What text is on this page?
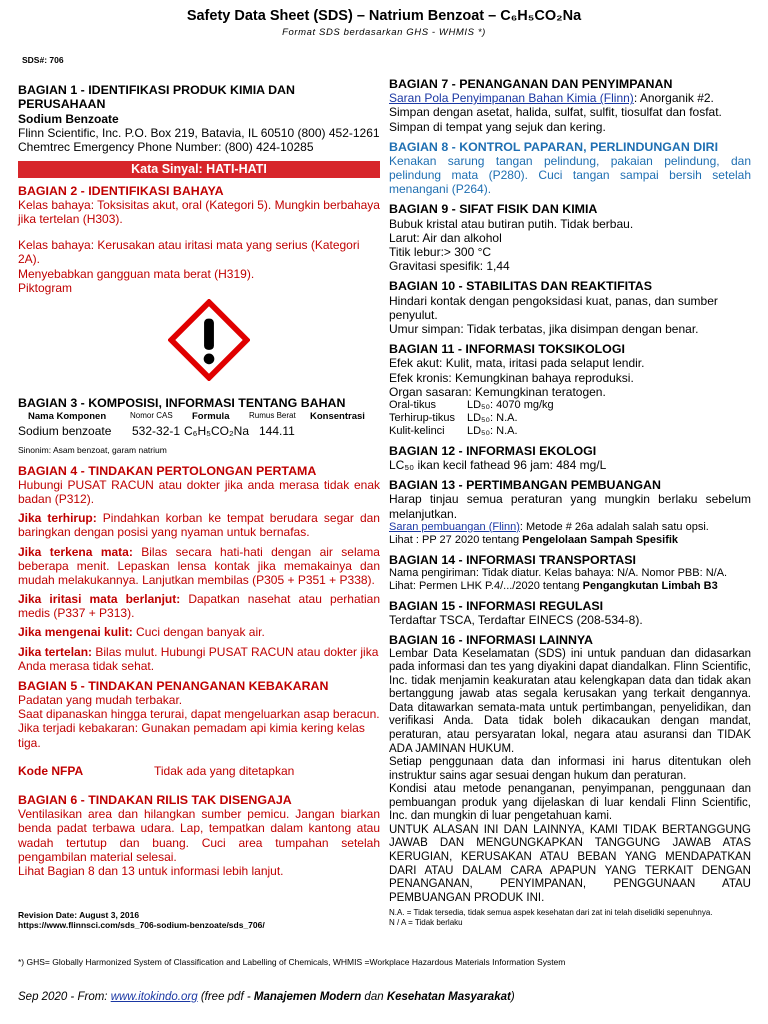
Safety Data Sheet (SDS) – Natrium Benzoat – C₆H₅CO₂Na
Format SDS berdasarkan GHS - WHMIS *)
SDS#: 706
BAGIAN 1 - IDENTIFIKASI PRODUK KIMIA DAN PERUSAHAAN

Sodium Benzoate

Flinn Scientific, Inc. P.O. Box 219, Batavia, IL 60510 (800) 452-1261

Chemtrec Emergency Phone Number: (800) 424-10285

Kata Sinyal: HATI-HATI
BAGIAN 2 - IDENTIFIKASI BAHAYA

Kelas bahaya: Toksisitas akut, oral (Kategori 5). Mungkin berbahaya jika tertelan (H303).

Kelas bahaya: Kerusakan atau iritasi mata yang serius (Kategori 2A).

Menyebabkan gangguan mata berat (H319).

Piktogram

BAGIAN 3 - KOMPOSISI, INFORMASI TENTANG BAHAN
Nama Komponen	Nomor CAS	Formula	Rumus Berat	Konsentrasi
Sodium benzoate	532-32-1 C₆H₅CO₂Na 144.11

Sinonim: Asam benzoat, garam natrium

BAGIAN 4 - TINDAKAN PERTOLONGAN PERTAMA

Hubungi PUSAT RACUN atau dokter jika anda merasa tidak enak badan (P312).

Jika terhirup: Pindahkan korban ke tempat berudara segar dan baringkan dengan posisi yang nyaman untuk bernafas.

Jika terkena mata: Bilas secara hati-hati dengan air selama beberapa menit. Lepaskan lensa kontak jika memakainya dan mudah melakukannya. Lanjutkan membilas (P305 + P351 + P338).

Jika iritasi mata berlanjut: Dapatkan nasehat atau perhatian medis (P337 + P313).

Jika mengenai kulit: Cuci dengan banyak air.

Jika tertelan: Bilas mulut. Hubungi PUSAT RACUN atau dokter jika Anda merasa tidak sehat.

BAGIAN 5 - TINDAKAN PENANGANAN KEBAKARAN

Padatan yang mudah terbakar.

Saat dipanaskan hingga terurai, dapat mengeluarkan asap beracun.

Jika terjadi kebakaran: Gunakan pemadam api kimia kering kelas tiga.

Kode NFPA	Tidak ada yang ditetapkan
BAGIAN 6 - TINDAKAN RILIS TAK DISENGAJA

Ventilasikan area dan hilangkan sumber pemicu. Jangan biarkan benda padat terbawa udara. Lap, tempatkan dalam kantong atau wadah tertutup dan buang. Cuci area tumpahan setelah pengambilan material selesai.

Lihat Bagian 8 dan 13 untuk informasi lebih lanjut.

BAGIAN 7 - PENANGANAN DAN PENYIMPANAN

Saran Pola Penyimpanan Bahan Kimia (Flinn): Anorganik #2.

Simpan dengan asetat, halida, sulfat, sulfit, tiosulfat dan fosfat.

Simpan di tempat yang sejuk dan kering.

BAGIAN 8 - KONTROL PAPARAN, PERLINDUNGAN DIRI

Kenakan sarung tangan pelindung, pakaian pelindung, dan pelindung mata (P280). Cuci tangan sampai bersih setelah menangani (P264).

BAGIAN 9 - SIFAT FISIK DAN KIMIA

Bubuk kristal atau butiran putih. Tidak berbau.

Larut: Air dan alkohol

Titik lebur:> 300 °C

Gravitasi spesifik: 1,44

BAGIAN 10 - STABILITAS DAN REAKTIFITAS

Hindari kontak dengan pengoksidasi kuat, panas, dan sumber penyulut.

Umur simpan: Tidak terbatas, jika disimpan dengan benar.

BAGIAN 11 - INFORMASI TOKSIKOLOGI

Efek akut: Kulit, mata, iritasi pada selaput lendir.

Efek kronis: Kemungkinan bahaya reproduksi.

Organ sasaran: Kemungkinan teratogen.

Oral-tikus	LD₅₀: 4070 mg/kg
Terhirup-tikus	LD₅₀: N.A.
Kulit-kelinci	LD₅₀: N.A.
BAGIAN 12 - INFORMASI EKOLOGI

LC₅₀ ikan kecil fathead 96 jam: 484 mg/L

BAGIAN 13 - PERTIMBANGAN PEMBUANGAN

Harap tinjau semua peraturan yang mungkin berlaku sebelum melanjutkan.

Saran pembuangan (Flinn): Metode # 26a adalah salah satu opsi.

Lihat : PP 27 2020 tentang Pengelolaan Sampah Spesifik

BAGIAN 14 - INFORMASI TRANSPORTASI

Nama pengiriman: Tidak diatur. Kelas bahaya: N/A. Nomor PBB: N/A.

Lihat: Permen LHK P.4/.../2020 tentang Pengangkutan Limbah B3

BAGIAN 15 - INFORMASI REGULASI

Terdaftar TSCA, Terdaftar EINECS (208-534-8).

BAGIAN 16 - INFORMASI LAINNYA

Lembar Data Keselamatan (SDS) ini untuk panduan dan didasarkan pada informasi dan tes yang diyakini dapat diandalkan. Flinn Scientific, Inc. tidak menjamin keakuratan atau kelengkapan data dan tidak akan bertanggung jawab atas segala kerusakan yang terkait dengannya. Data ditawarkan semata-mata untuk pertimbangan, penyelidikan, dan verifikasi Anda. Data tidak boleh dikacaukan dengan mandat, peraturan, atau persyaratan lokal, negara atau asuransi dan TIDAK ADA JAMINAN HUKUM.

Setiap penggunaan data dan informasi ini harus ditentukan oleh instruktur sains agar sesuai dengan hukum dan peraturan.

Kondisi atau metode penanganan, penyimpanan, penggunaan dan pembuangan produk yang dijelaskan di luar kendali Flinn Scientific, Inc. dan mungkin di luar pengetahuan kami.

UNTUK ALASAN INI DAN LAINNYA, KAMI TIDAK BERTANGGUNG JAWAB DAN MENGUNGKAPKAN TANGGUNG JAWAB ATAS KERUGIAN, KERUSAKAN ATAU BEBAN YANG MENDAPATKAN DARI ATAU DALAM CARA APAPUN YANG TERKAIT DENGAN PENANGANAN, PENYIMPANAN, PENGGUNAAN ATAU PEMBUANGAN PRODUK INI.

N.A. = Tidak tersedia, tidak semua aspek kesehatan dari zat ini telah diselidiki sepenuhnya.

N / A = Tidak berlaku

Revision Date: August 3, 2016

https://www.flinnsci.com/sds_706-sodium-benzoate/sds_706/

*) GHS= Globally Harmonized System of Classification and Labelling of Chemicals, WHMIS =Workplace Hazardous Materials Information System
Sep 2020 - From: www.itokindo.org (free pdf - Manajemen Modern dan Kesehatan Masyarakat)
